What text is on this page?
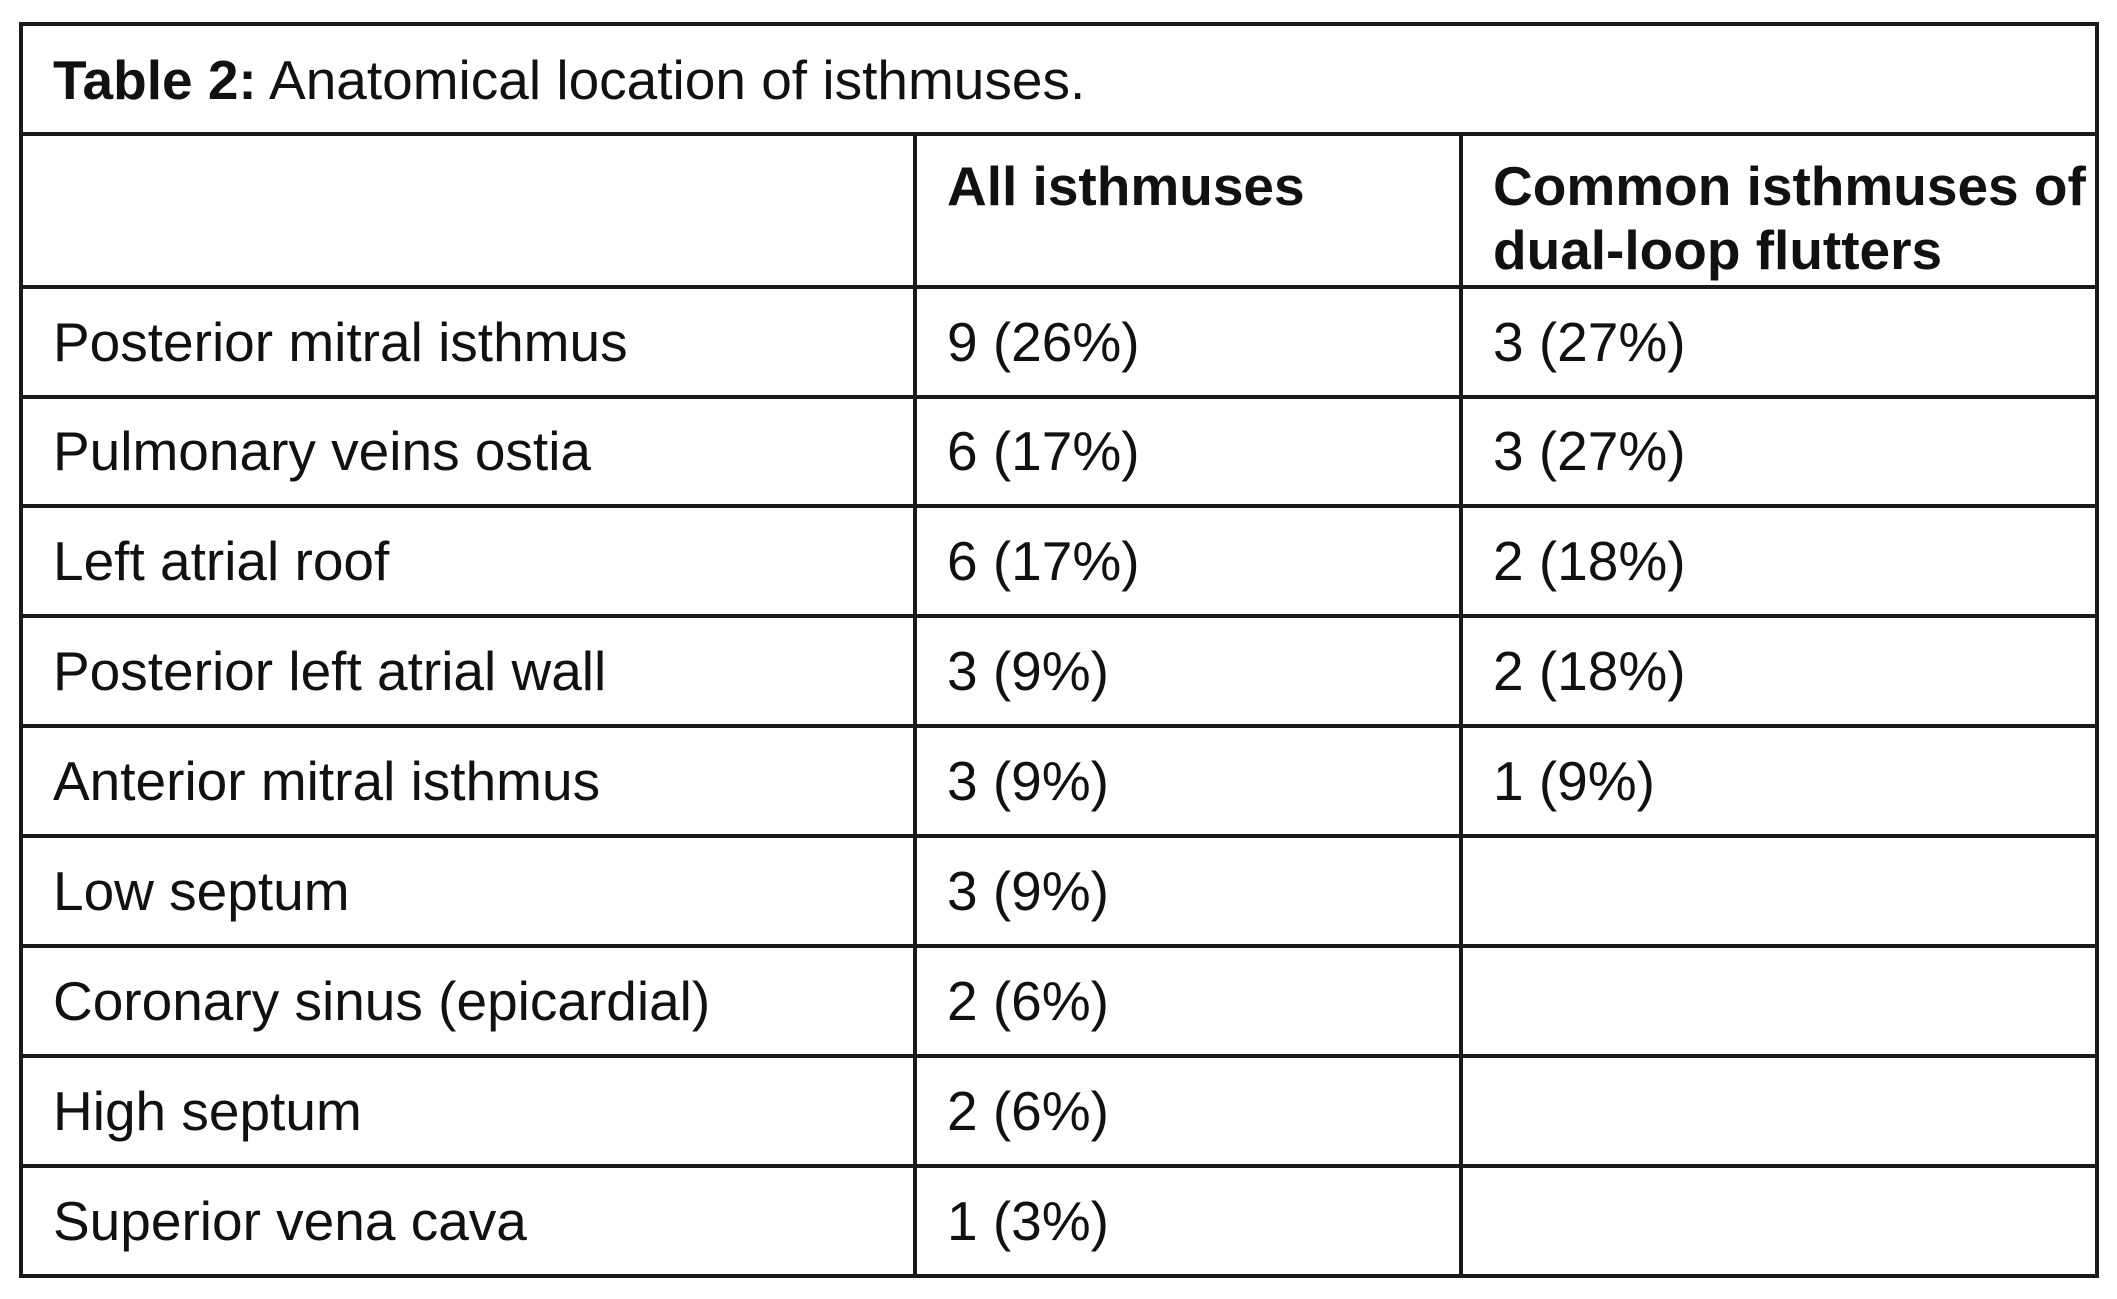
Table 2: Anatomical location of isthmuses.		
	All isthmuses	Common isthmuses of dual-loop flutters
Posterior mitral isthmus	9 (26%)	3 (27%)
Pulmonary veins ostia	6 (17%)	3 (27%)
Left atrial roof	6 (17%)	2 (18%)
Posterior left atrial wall	3 (9%)	2 (18%)
Anterior mitral isthmus	3 (9%)	1 (9%)
Low septum	3 (9%)	
Coronary sinus (epicardial)	2 (6%)	
High septum	2 (6%)	
Superior vena cava	1 (3%)	
